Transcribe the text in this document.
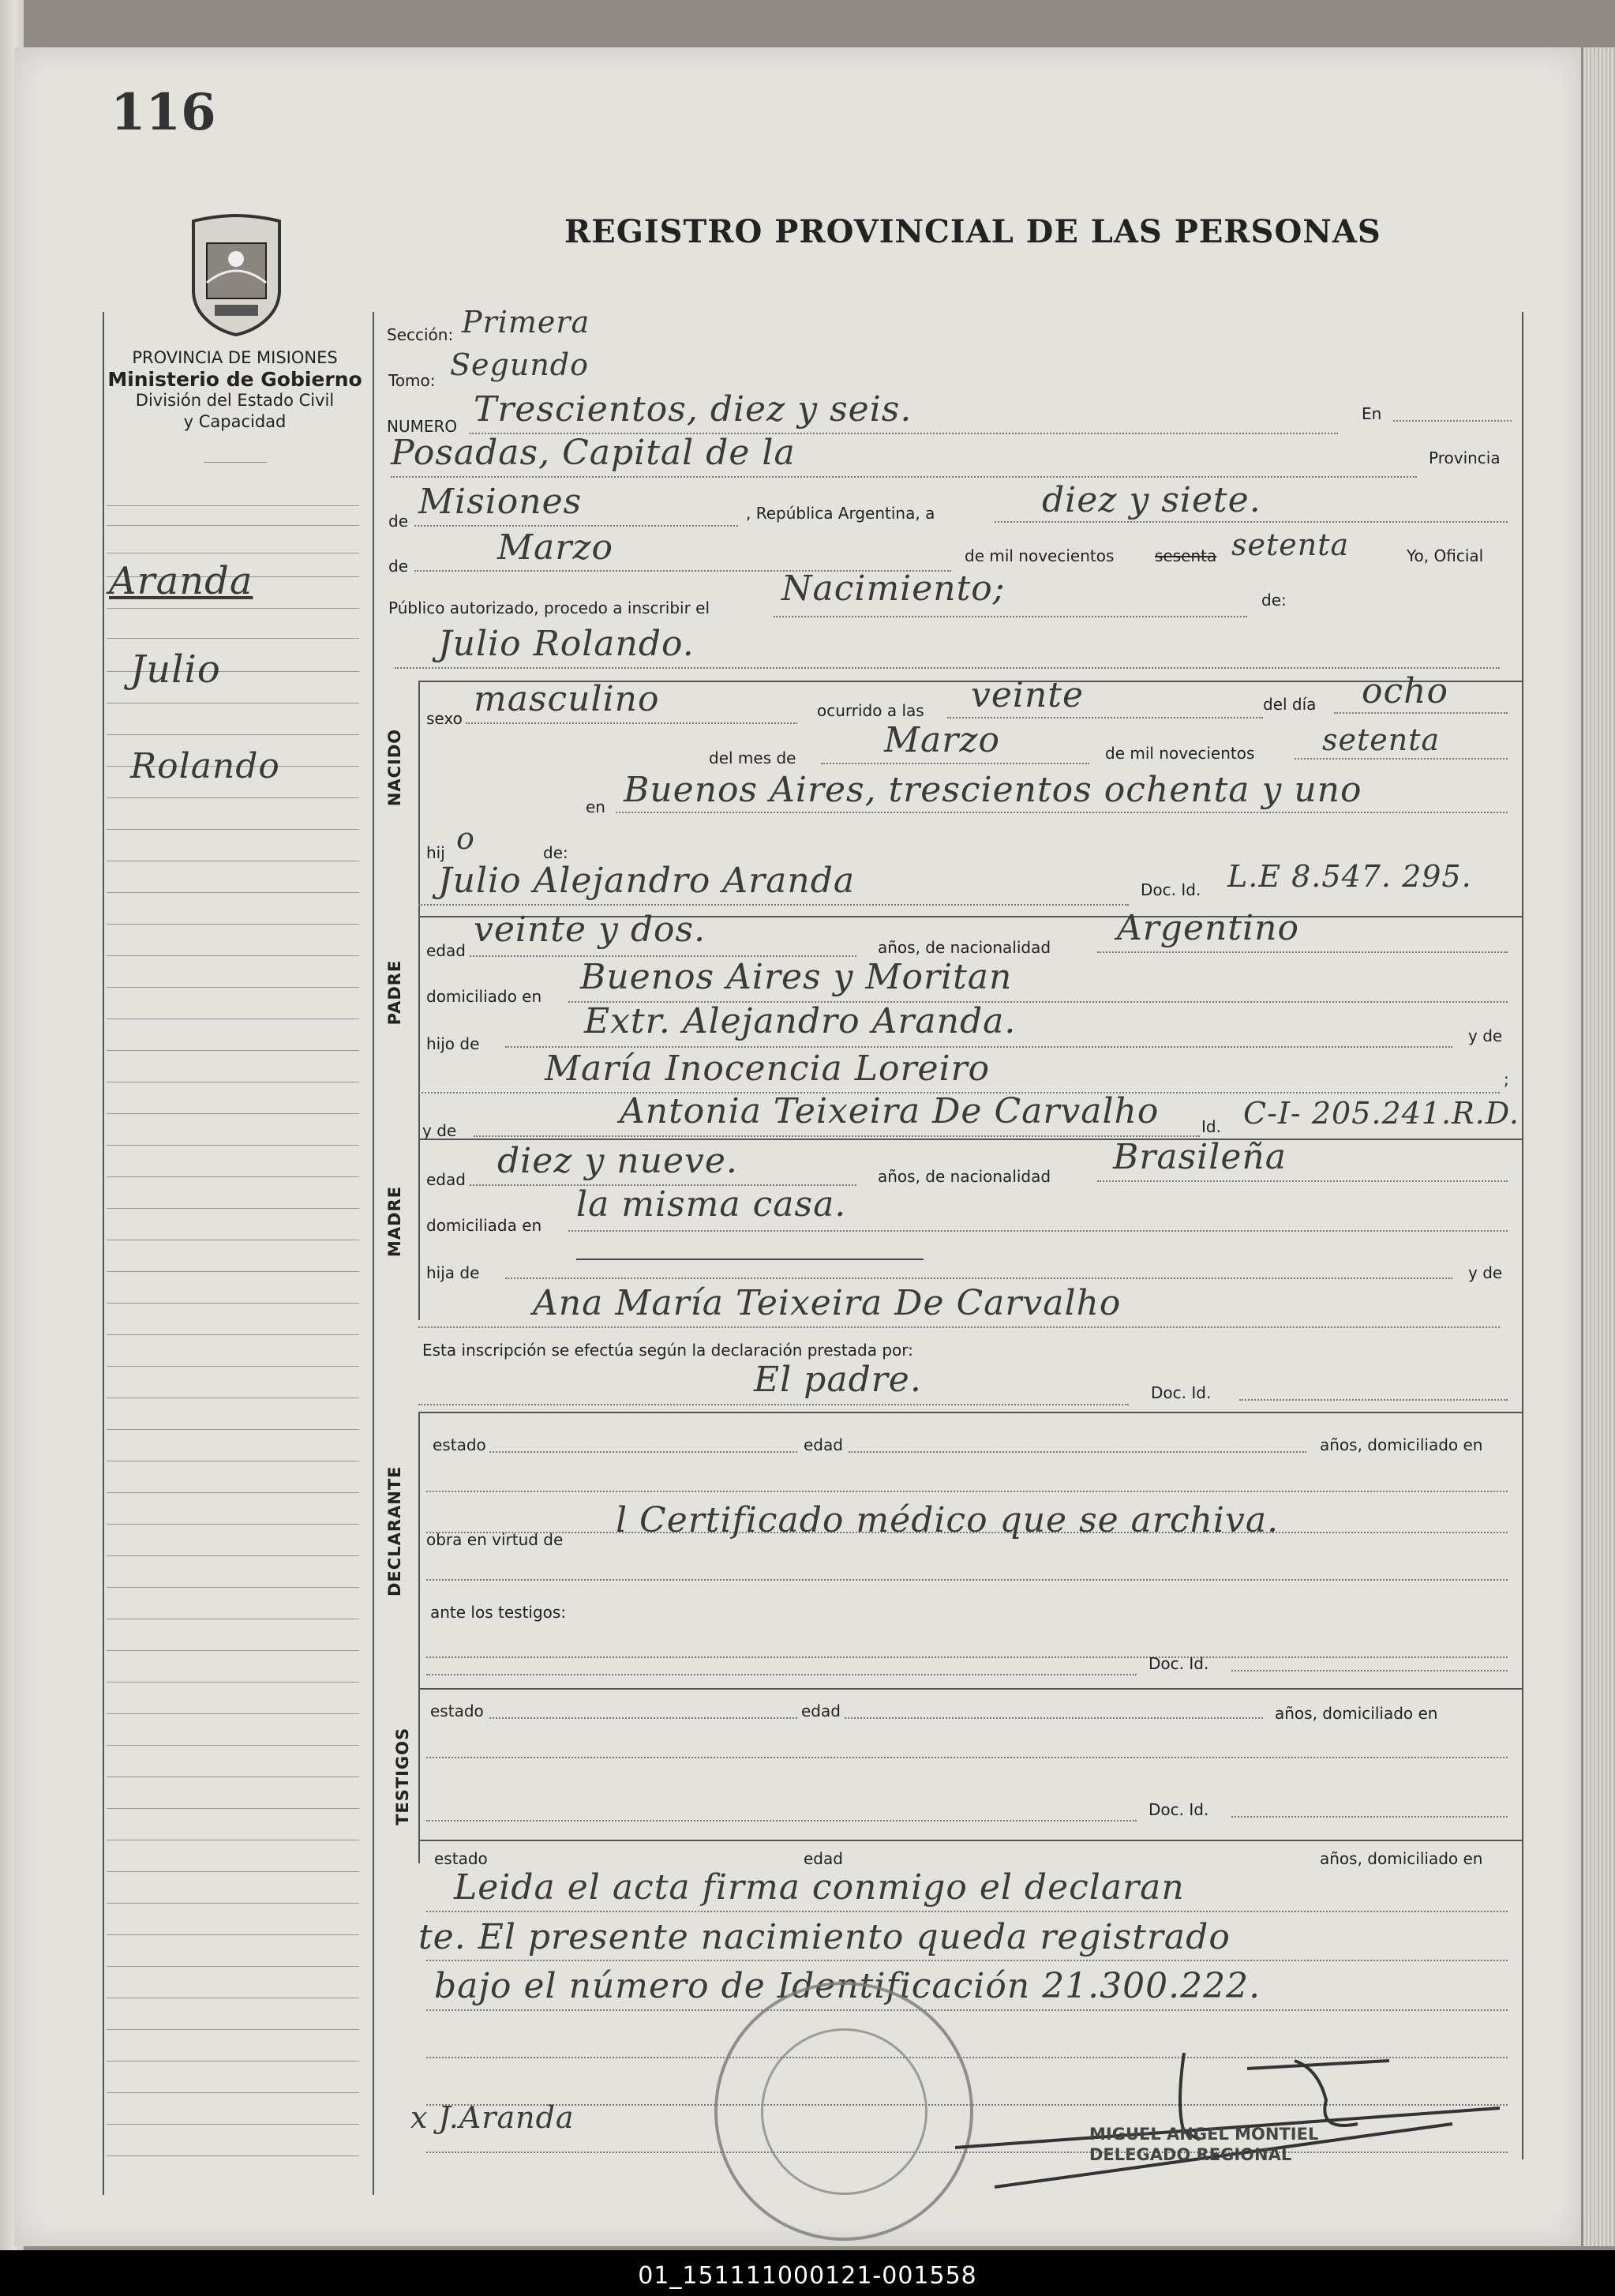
116
REGISTRO PROVINCIAL DE LAS PERSONAS
PROVINCIA DE MISIONES
Ministerio de Gobierno
División del Estado Civil
y Capacidad
Aranda
Julio
Rolando
Sección: Primera
Tomo: Segundo
NUMERO Trescientos, diez y seis.	En
Posadas, Capital de la	Provincia
de Misiones	, República Argentina, a	diez y siete.
de	Marzo	de mil novecientos	sesenta setenta	Yo, Oficial
Público autorizado, procedo a inscribir el Nacimiento;	de:
Julio Rolando.
NACIDO
sexo masculino	ocurrido a las veinte	del día ocho
del mes de	Marzo	de mil novecientos setenta
en Buenos Aires, trescientos ochenta y uno
hij o	de:
Julio Alejandro Aranda	Doc. Id. L.E 8.547. 295.
PADRE
edad
veinte y dos.	años, de nacionalidad Argentino
domiciliado en Buenos Aires y Moritan
hijo de
Extr. Alejandro Aranda.	y de
María Inocencia Loreiro	;
y de	Antonia Teixeira De Carvalho	Id. C-I- 205.241.R.D.
MADRE
edad diez y nueve.	años, de nacionalidad Brasileña
domiciliada en
la misma casa.
hija de	y de
Ana María Teixeira De Carvalho
Esta inscripción se efectúa según la declaración prestada por:
El padre.	Doc. Id.
DECLARANTE
estado	edad	años, domiciliado en
obra en virtud de l Certificado médico que se archiva.
ante los testigos:
Doc. Id.
TESTIGOS
estado	edad	años, domiciliado en
Doc. Id.
estado	edad	años, domiciliado en
Leida el acta firma conmigo el declaran
te. El presente nacimiento queda registrado
bajo el número de Identificación 21.300.222.
x J.Aranda	MIGUEL ANGEL MONTIEL
DELEGADO REGIONAL
01_151111000121-001558
